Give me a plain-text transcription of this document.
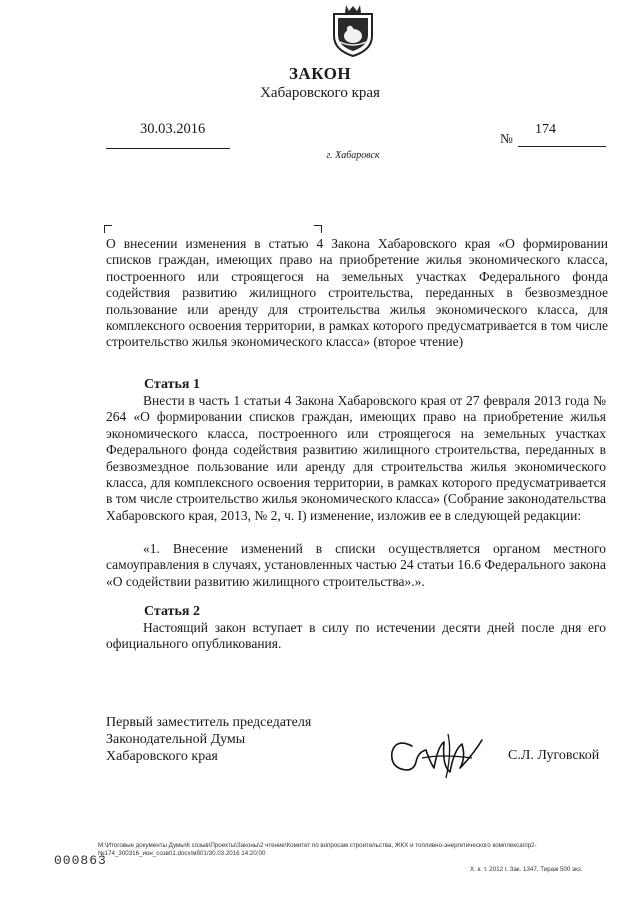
ЗАКОН
Хабаровского края
30.03.2016
№
174
г. Хабаровск

О внесении изменения в статью 4 Закона Хабаровского края «О формировании списков граждан, имеющих право на приобретение жилья экономического класса, построенного или строящегося на земельных участках Федерального фонда содействия развитию жилищного строительства, переданных в безвозмездное пользование или аренду для строительства жилья экономического класса, для комплексного освоения территории, в рамках которого предусматривается в том числе строительство жилья экономического класса» (второе чтение)

Статья 1
Внести в часть 1 статьи 4 Закона Хабаровского края от 27 февраля 2013 года № 264 «О формировании списков граждан, имеющих право на приобретение жилья экономического класса, построенного или строящегося на земельных участках Федерального фонда содействия развитию жилищного строительства, переданных в безвозмездное пользование или аренду для строительства жилья экономического класса, для комплексного освоения территории, в рамках которого предусматривается в том числе строительство жилья экономического класса» (Собрание законодательства Хабаровского края, 2013, № 2, ч. I) изменение, изложив ее в следующей редакции:
«1. Внесение изменений в списки осуществляется органом местного самоуправления в случаях, установленных частью 24 статьи 16.6 Федерального закона «О содействии развитию жилищного строительства».».
Статья 2
Настоящий закон вступает в силу по истечении десяти дней после дня его официального опубликования.
Первый заместитель председателя
Законодательной Думы
Хабаровского края	С.Л. Луговской
M:\Итоговые документы Думы\6 созыв\Проекты\Законы\2 чтение\Комитет по вопросам строительства, ЖКХ и топливно-энергетического комплекса\пр2-№174_300316_ион_созв01.docx/мб01/30.03.2016 14:20:00
Х. к. т. 2012 г. Зак. 1347. Тираж 500 экз.
000863
